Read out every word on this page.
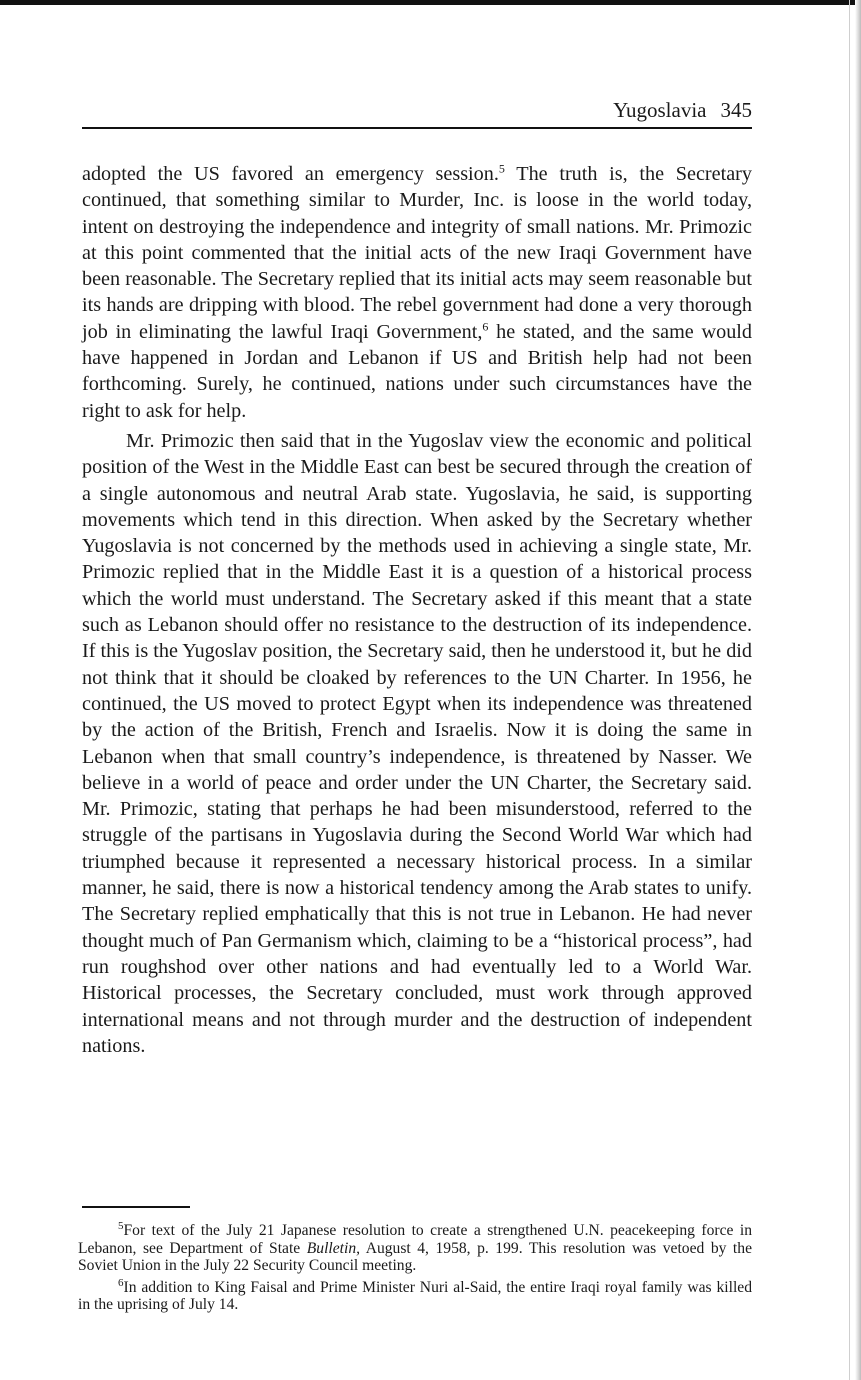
Yugoslavia 345

adopted the US favored an emergency session.$^5$ The truth is, the Secretary continued, that something similar to Murder, Inc. is loose in the world today, intent on destroying the independence and integrity of small nations. Mr. Primozic at this point commented that the initial acts of the new Iraqi Government have been reasonable. The Secretary replied that its initial acts may seem reasonable but its hands are dripping with blood. The rebel government had done a very thorough job in eliminating the lawful Iraqi Government,$^6$ he stated, and the same would have happened in Jordan and Lebanon if US and British help had not been forthcoming. Surely, he continued, nations under such circumstances have the right to ask for help.

Mr. Primozic then said that in the Yugoslav view the economic and political position of the West in the Middle East can best be secured through the creation of a single autonomous and neutral Arab state. Yugoslavia, he said, is supporting movements which tend in this direction. When asked by the Secretary whether Yugoslavia is not concerned by the methods used in achieving a single state, Mr. Primozic replied that in the Middle East it is a question of a historical process which the world must understand. The Secretary asked if this meant that a state such as Lebanon should offer no resistance to the destruction of its independence. If this is the Yugoslav position, the Secretary said, then he understood it, but he did not think that it should be cloaked by references to the UN Charter. In 1956, he continued, the US moved to protect Egypt when its independence was threatened by the action of the British, French and Israelis. Now it is doing the same in Lebanon when that small country’s independence, is threatened by Nasser. We believe in a world of peace and order under the UN Charter, the Secretary said. Mr. Primozic, stating that perhaps he had been misunderstood, referred to the struggle of the partisans in Yugoslavia during the Second World War which had triumphed because it represented a necessary historical process. In a similar manner, he said, there is now a historical tendency among the Arab states to unify. The Secretary replied emphatically that this is not true in Lebanon. He had never thought much of Pan Germanism which, claiming to be a “historical process”, had run roughshod over other nations and had eventually led to a World War. Historical processes, the Secretary concluded, must work through approved international means and not through murder and the destruction of independent nations.

$^5$For text of the July 21 Japanese resolution to create a strengthened U.N. peacekeeping force in Lebanon, see Department of State Bulletin, August 4, 1958, p. 199. This resolution was vetoed by the Soviet Union in the July 22 Security Council meeting.

$^6$In addition to King Faisal and Prime Minister Nuri al-Said, the entire Iraqi royal family was killed in the uprising of July 14.
